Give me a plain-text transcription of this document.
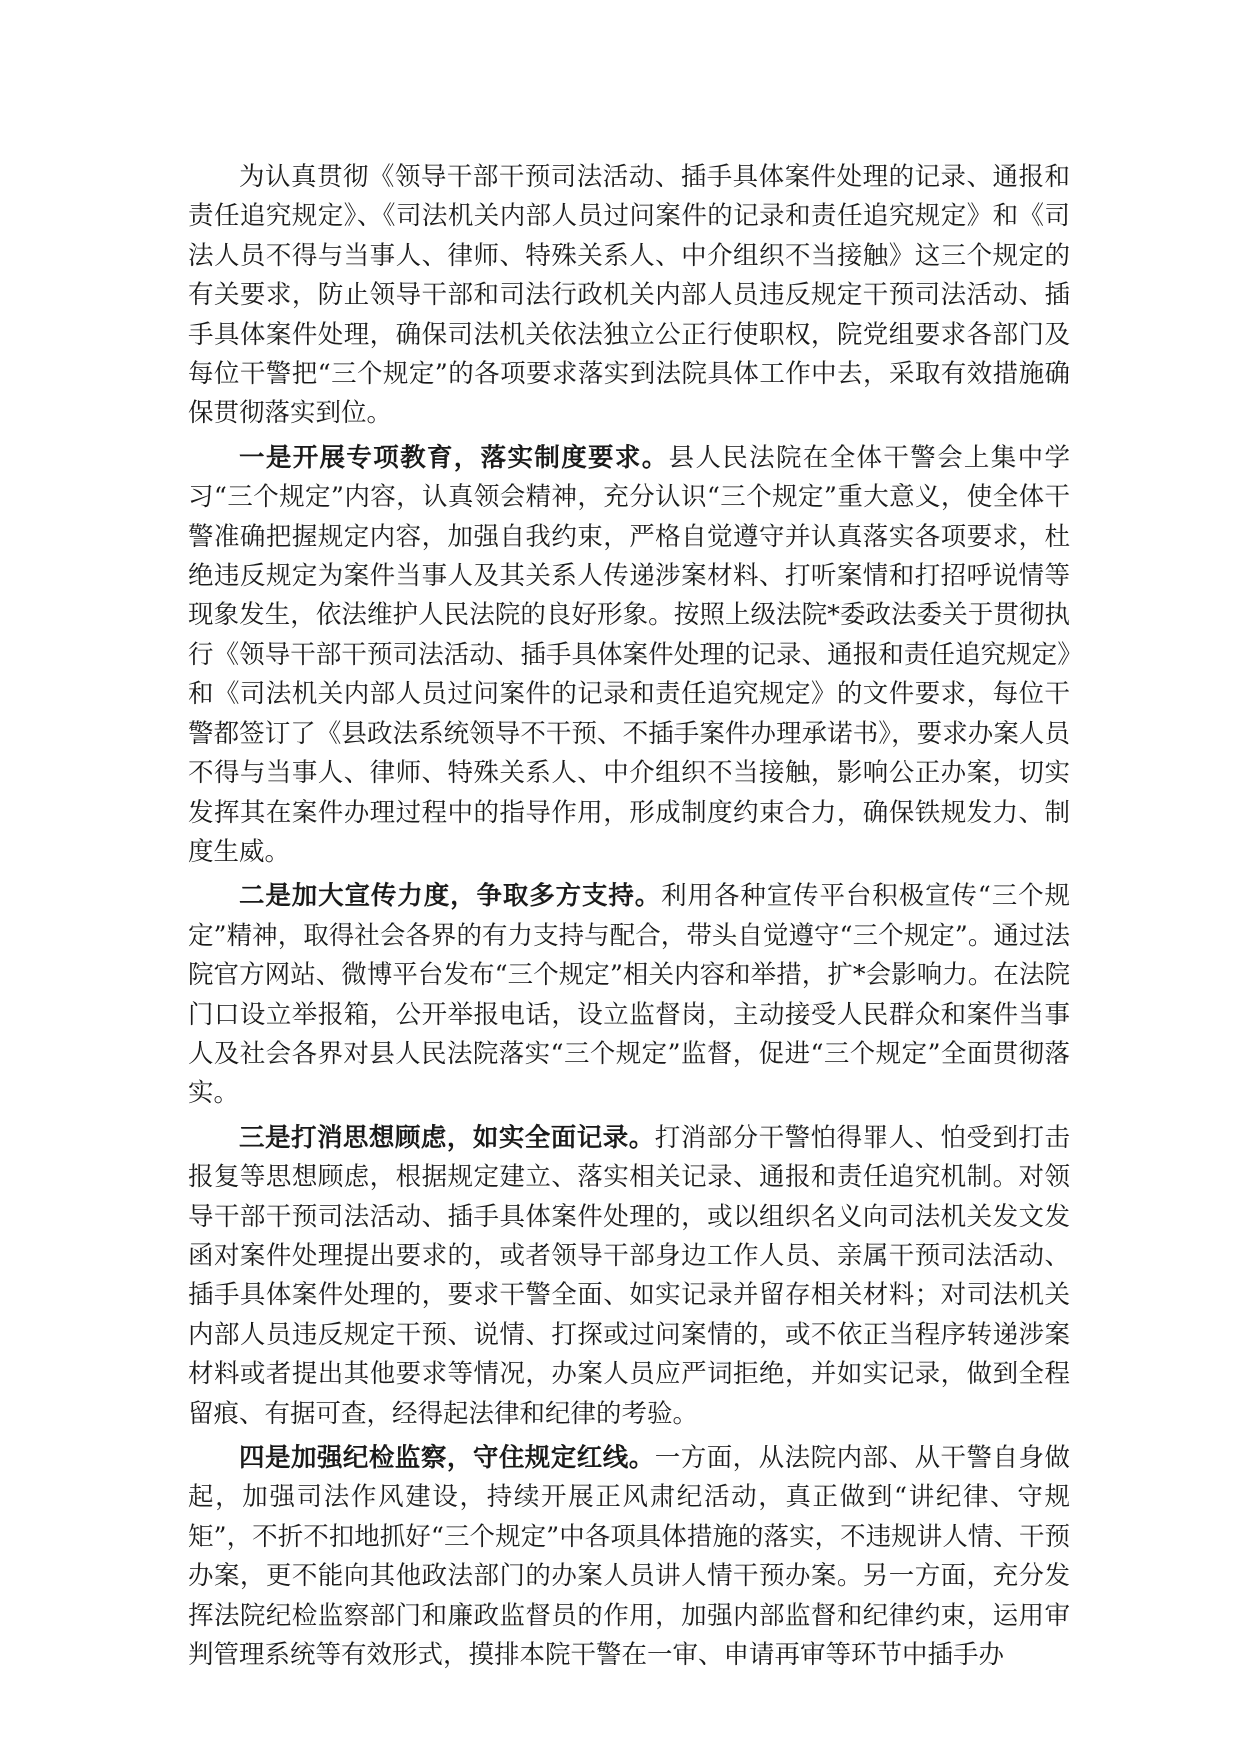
为认真贯彻《领导干部干预司法活动、插手具体案件处理的记录、通报和责任追究规定》、《司法机关内部人员过问案件的记录和责任追究规定》和《司法人员不得与当事人、律师、特殊关系人、中介组织不当接触》这三个规定的有关要求，防止领导干部和司法行政机关内部人员违反规定干预司法活动、插手具体案件处理，确保司法机关依法独立公正行使职权，院党组要求各部门及每位干警把“三个规定”的各项要求落实到法院具体工作中去，采取有效措施确保贯彻落实到位。

一是开展专项教育，落实制度要求。县人民法院在全体干警会上集中学习“三个规定”内容，认真领会精神，充分认识“三个规定”重大意义，使全体干警准确把握规定内容，加强自我约束，严格自觉遵守并认真落实各项要求，杜绝违反规定为案件当事人及其关系人传递涉案材料、打听案情和打招呼说情等现象发生，依法维护人民法院的良好形象。按照上级法院*委政法委关于贯彻执行《领导干部干预司法活动、插手具体案件处理的记录、通报和责任追究规定》和《司法机关内部人员过问案件的记录和责任追究规定》的文件要求，每位干警都签订了《县政法系统领导不干预、不插手案件办理承诺书》，要求办案人员不得与当事人、律师、特殊关系人、中介组织不当接触，影响公正办案，切实发挥其在案件办理过程中的指导作用，形成制度约束合力，确保铁规发力、制度生威。

二是加大宣传力度，争取多方支持。利用各种宣传平台积极宣传“三个规定”精神，取得社会各界的有力支持与配合，带头自觉遵守“三个规定”。通过法院官方网站、微博平台发布“三个规定”相关内容和举措，扩*会影响力。在法院门口设立举报箱，公开举报电话，设立监督岗，主动接受人民群众和案件当事人及社会各界对县人民法院落实“三个规定”监督，促进“三个规定”全面贯彻落实。

三是打消思想顾虑，如实全面记录。打消部分干警怕得罪人、怕受到打击报复等思想顾虑，根据规定建立、落实相关记录、通报和责任追究机制。对领导干部干预司法活动、插手具体案件处理的，或以组织名义向司法机关发文发函对案件处理提出要求的，或者领导干部身边工作人员、亲属干预司法活动、插手具体案件处理的，要求干警全面、如实记录并留存相关材料；对司法机关内部人员违反规定干预、说情、打探或过问案情的，或不依正当程序转递涉案材料或者提出其他要求等情况，办案人员应严词拒绝，并如实记录，做到全程留痕、有据可查，经得起法律和纪律的考验。

四是加强纪检监察，守住规定红线。一方面，从法院内部、从干警自身做起，加强司法作风建设，持续开展正风肃纪活动，真正做到“讲纪律、守规矩”，不折不扣地抓好“三个规定”中各项具体措施的落实，不违规讲人情、干预办案，更不能向其他政法部门的办案人员讲人情干预办案。另一方面，充分发挥法院纪检监察部门和廉政监督员的作用，加强内部监督和纪律约束，运用审判管理系统等有效形式，摸排本院干警在一审、申请再审等环节中插手办
